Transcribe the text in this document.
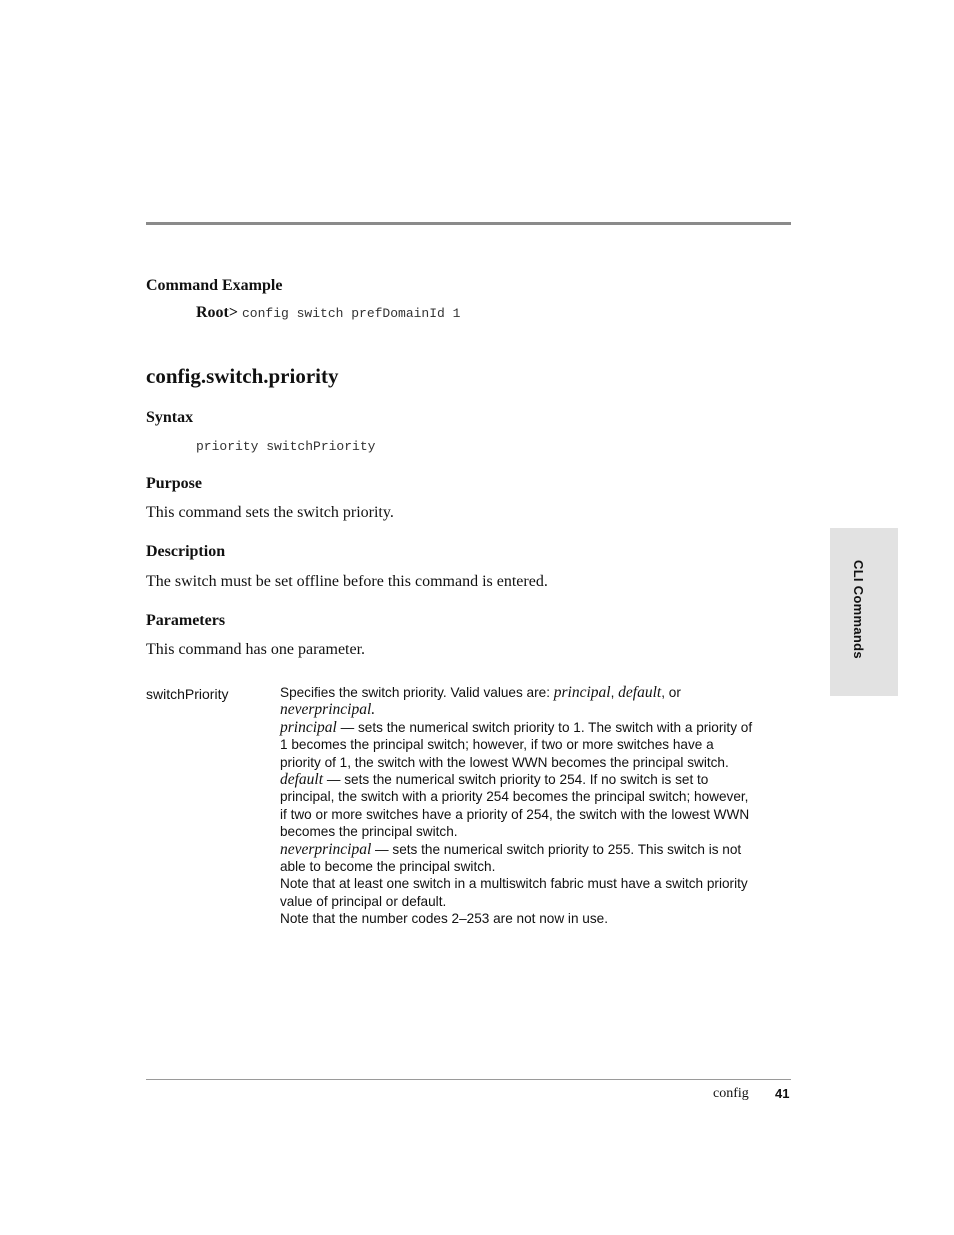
Command Example
Root> config switch prefDomainId 1
config.switch.priority
Syntax
priority switchPriority
Purpose
This command sets the switch priority.
Description
The switch must be set offline before this command is entered.
Parameters
This command has one parameter.
switchPriority	Specifies the switch priority. Valid values are: principal, default, or neverprincipal.

principal — sets the numerical switch priority to 1. The switch with a priority of 1 becomes the principal switch; however, if two or more switches have a priority of 1, the switch with the lowest WWN becomes the principal switch.

default — sets the numerical switch priority to 254. If no switch is set to principal, the switch with a priority 254 becomes the principal switch; however, if two or more switches have a priority of 254, the switch with the lowest WWN becomes the principal switch.

neverprincipal — sets the numerical switch priority to 255. This switch is not able to become the principal switch.

Note that at least one switch in a multiswitch fabric must have a switch priority value of principal or default.

Note that the number codes 2–253 are not now in use.

CLI Commands
config 41
